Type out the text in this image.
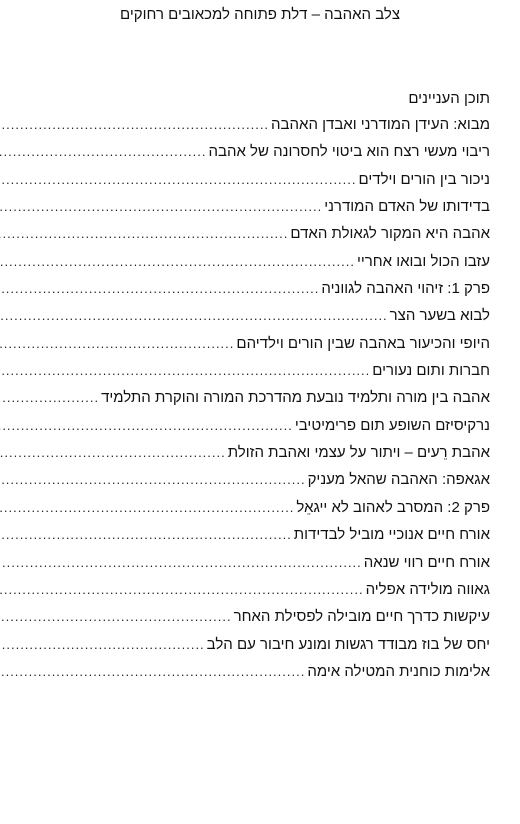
צלב האהבה – דלת פתוחה למכאובים רחוקים
תוכן העניינים
מבוא: העידן המודרני ואבדן האהבה
.....
ריבוי מעשי רצח הוא ביטוי לחסרונה של אהבה
.....
ניכור בין הורים וילדים
.....
בדידותו של האדם המודרני
.....
אהבה היא המקור לגאולת האדם
.....
עזבו הכול ובואו אחריי
.....
פרק 1: זיהוי האהבה לגווניה
.....
לבוא בשער הצר
.....
היופי והכיעור באהבה שבין הורים וילדיהם
.....
חברות ותום נעורים
.....
אהבה בין מורה ותלמיד נובעת מהדרכת המורה והוקרת התלמיד
.....
נרקיסיזם השופע תום פרימיטיבי
.....
אהבת רֵעים – ויתור על עצמי ואהבת הזולת
.....
אגאפה: האהבה שהאל מעניק
.....
פרק 2: המסרב לאהוב לא ייגאֵל
.....
אורח חיים אנוכיי מוביל לבדידות
.....
אורח חיים רווי שנאה
.....
גאווה מולידה אפליה
.....
עיקשות כדרך חיים מובילה לפסילת האחר
.....
יחס של בוז מבודד רגשות ומונע חיבור עם הלב
.....
אלימות כוחנית המטילה אימה
.....
